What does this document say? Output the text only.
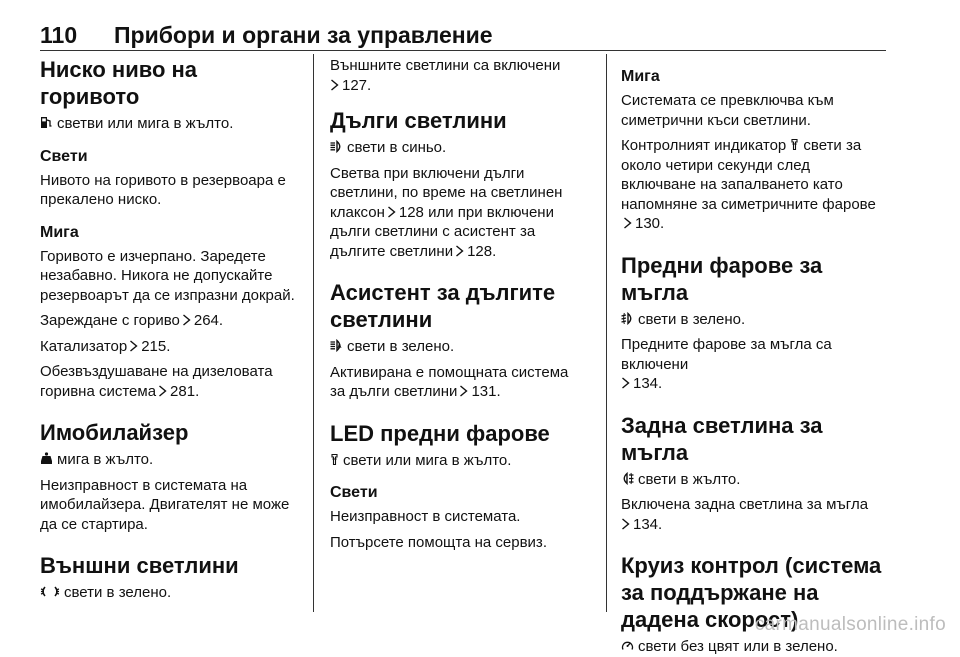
110 Прибори и органи за управление
Ниско ниво на горивото

светви или мига в жълто.

Свети

Нивото на горивото в резервоара е прекалено ниско.

Мига

Горивото е изчерпано. Заредете незабавно. Никога не допускайте резервоарът да се изпразни докрай.

Зареждане с гориво 264.

Катализатор 215.

Обезвъздушаване на дизеловата горивна система 281.

Имобилайзер

мига в жълто.

Неизправност в системата на имобилайзера. Двигателят не може да се стартира.

Външни светлини

свети в зелено.

Външните светлини са включени

127.

Дълги светлини

свети в синьо.

Светва при включени дълги светлини, по време на светлинен клаксон 128 или при включени дълги светлини с асистент за дългите светлини 128.

Асистент за дългите светлини

A свети в зелено.

Активирана е помощната система за дълги светлини 131.

LED предни фарове

свети или мига в жълто.

Свети

Неизправност в системата.

Потърсете помощта на сервиз.

Мига

Системата се превключва към симетрични къси светлини.

Контролният индикатор свети за около четири секунди след включване на запалването като напомняне за симетричните фарове
130.

Предни фарове за мъгла

свети в зелено.

Предните фарове за мъгла са включени

134.

Задна светлина за мъгла

свети в жълто.

Включена задна светлина за мъгла

134.

Круиз контрол (система за поддържане на дадена скорост)

свети без цвят или в зелено.

carmanualsonline.info
